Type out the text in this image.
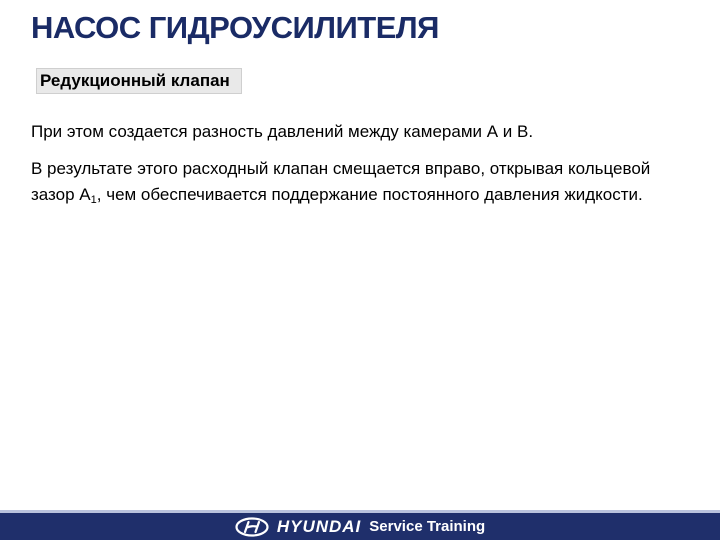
НАСОС ГИДРОУСИЛИТЕЛЯ
Редукционный клапан

При этом создается разность давлений между камерами А и В.

В результате этого расходный клапан смещается вправо, открывая кольцевой зазор $А_1$, чем обеспечивается поддержание постоянного давления жидкости.

HYUNDAI Service Training
